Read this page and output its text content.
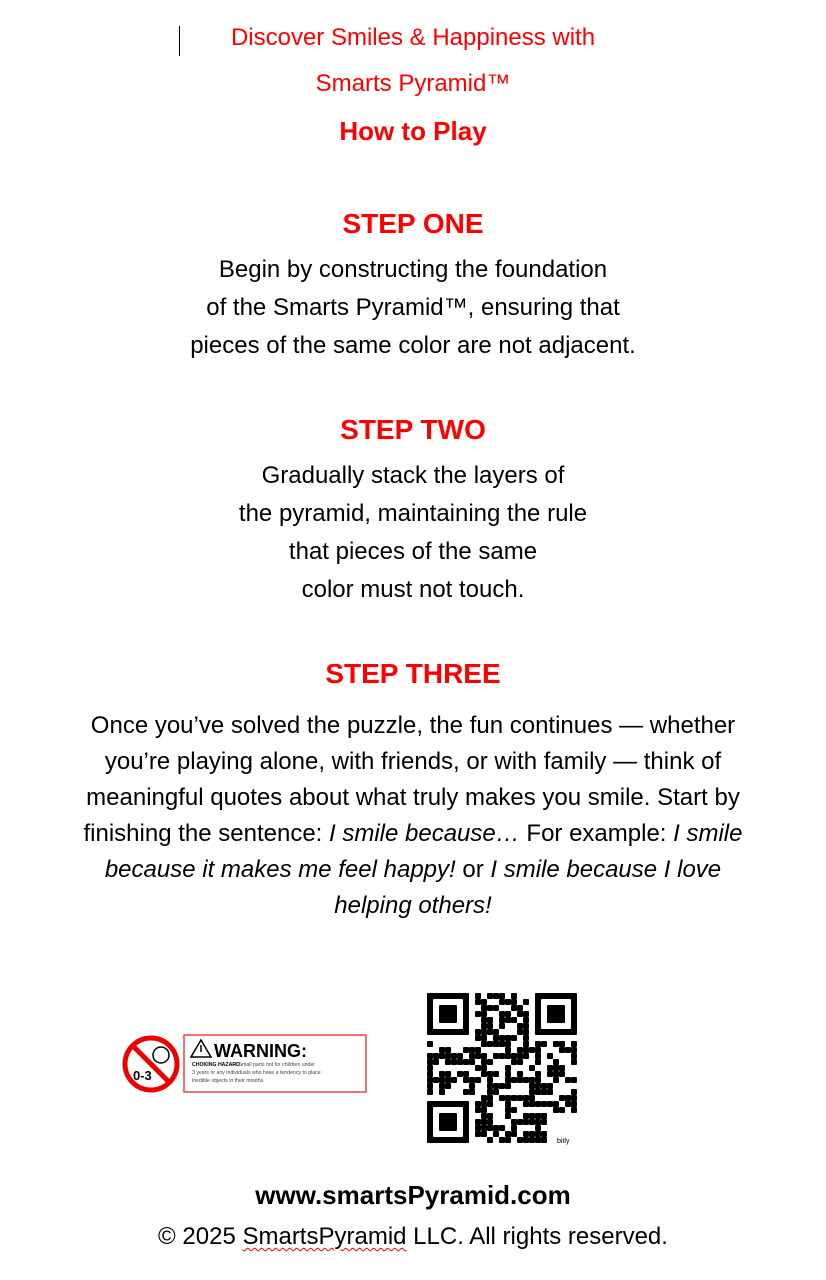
Discover Smiles & Happiness with
Smarts Pyramid™
How to Play
STEP ONE
Begin by constructing the foundation
of the Smarts Pyramid™, ensuring that
pieces of the same color are not adjacent.
STEP TWO
Gradually stack the layers of
the pyramid, maintaining the rule
that pieces of the same
color must not touch.
STEP THREE
Once you’ve solved the puzzle, the fun continues — whether
you’re playing alone, with friends, or with family — think of
meaningful quotes about what truly makes you smile. Start by
finishing the sentence: I smile because… For example: I smile
because it makes me feel happy! or I smile because I love
helping others!
0-3
WARNING:
CHOKING HAZARD
— Small parts not for children under
3 years or any individuals who have a tendency to place
inedible objects in their mouths.
bitly
www.smartsPyramid.com
© 2025 SmartsPyramid LLC. All rights reserved.
